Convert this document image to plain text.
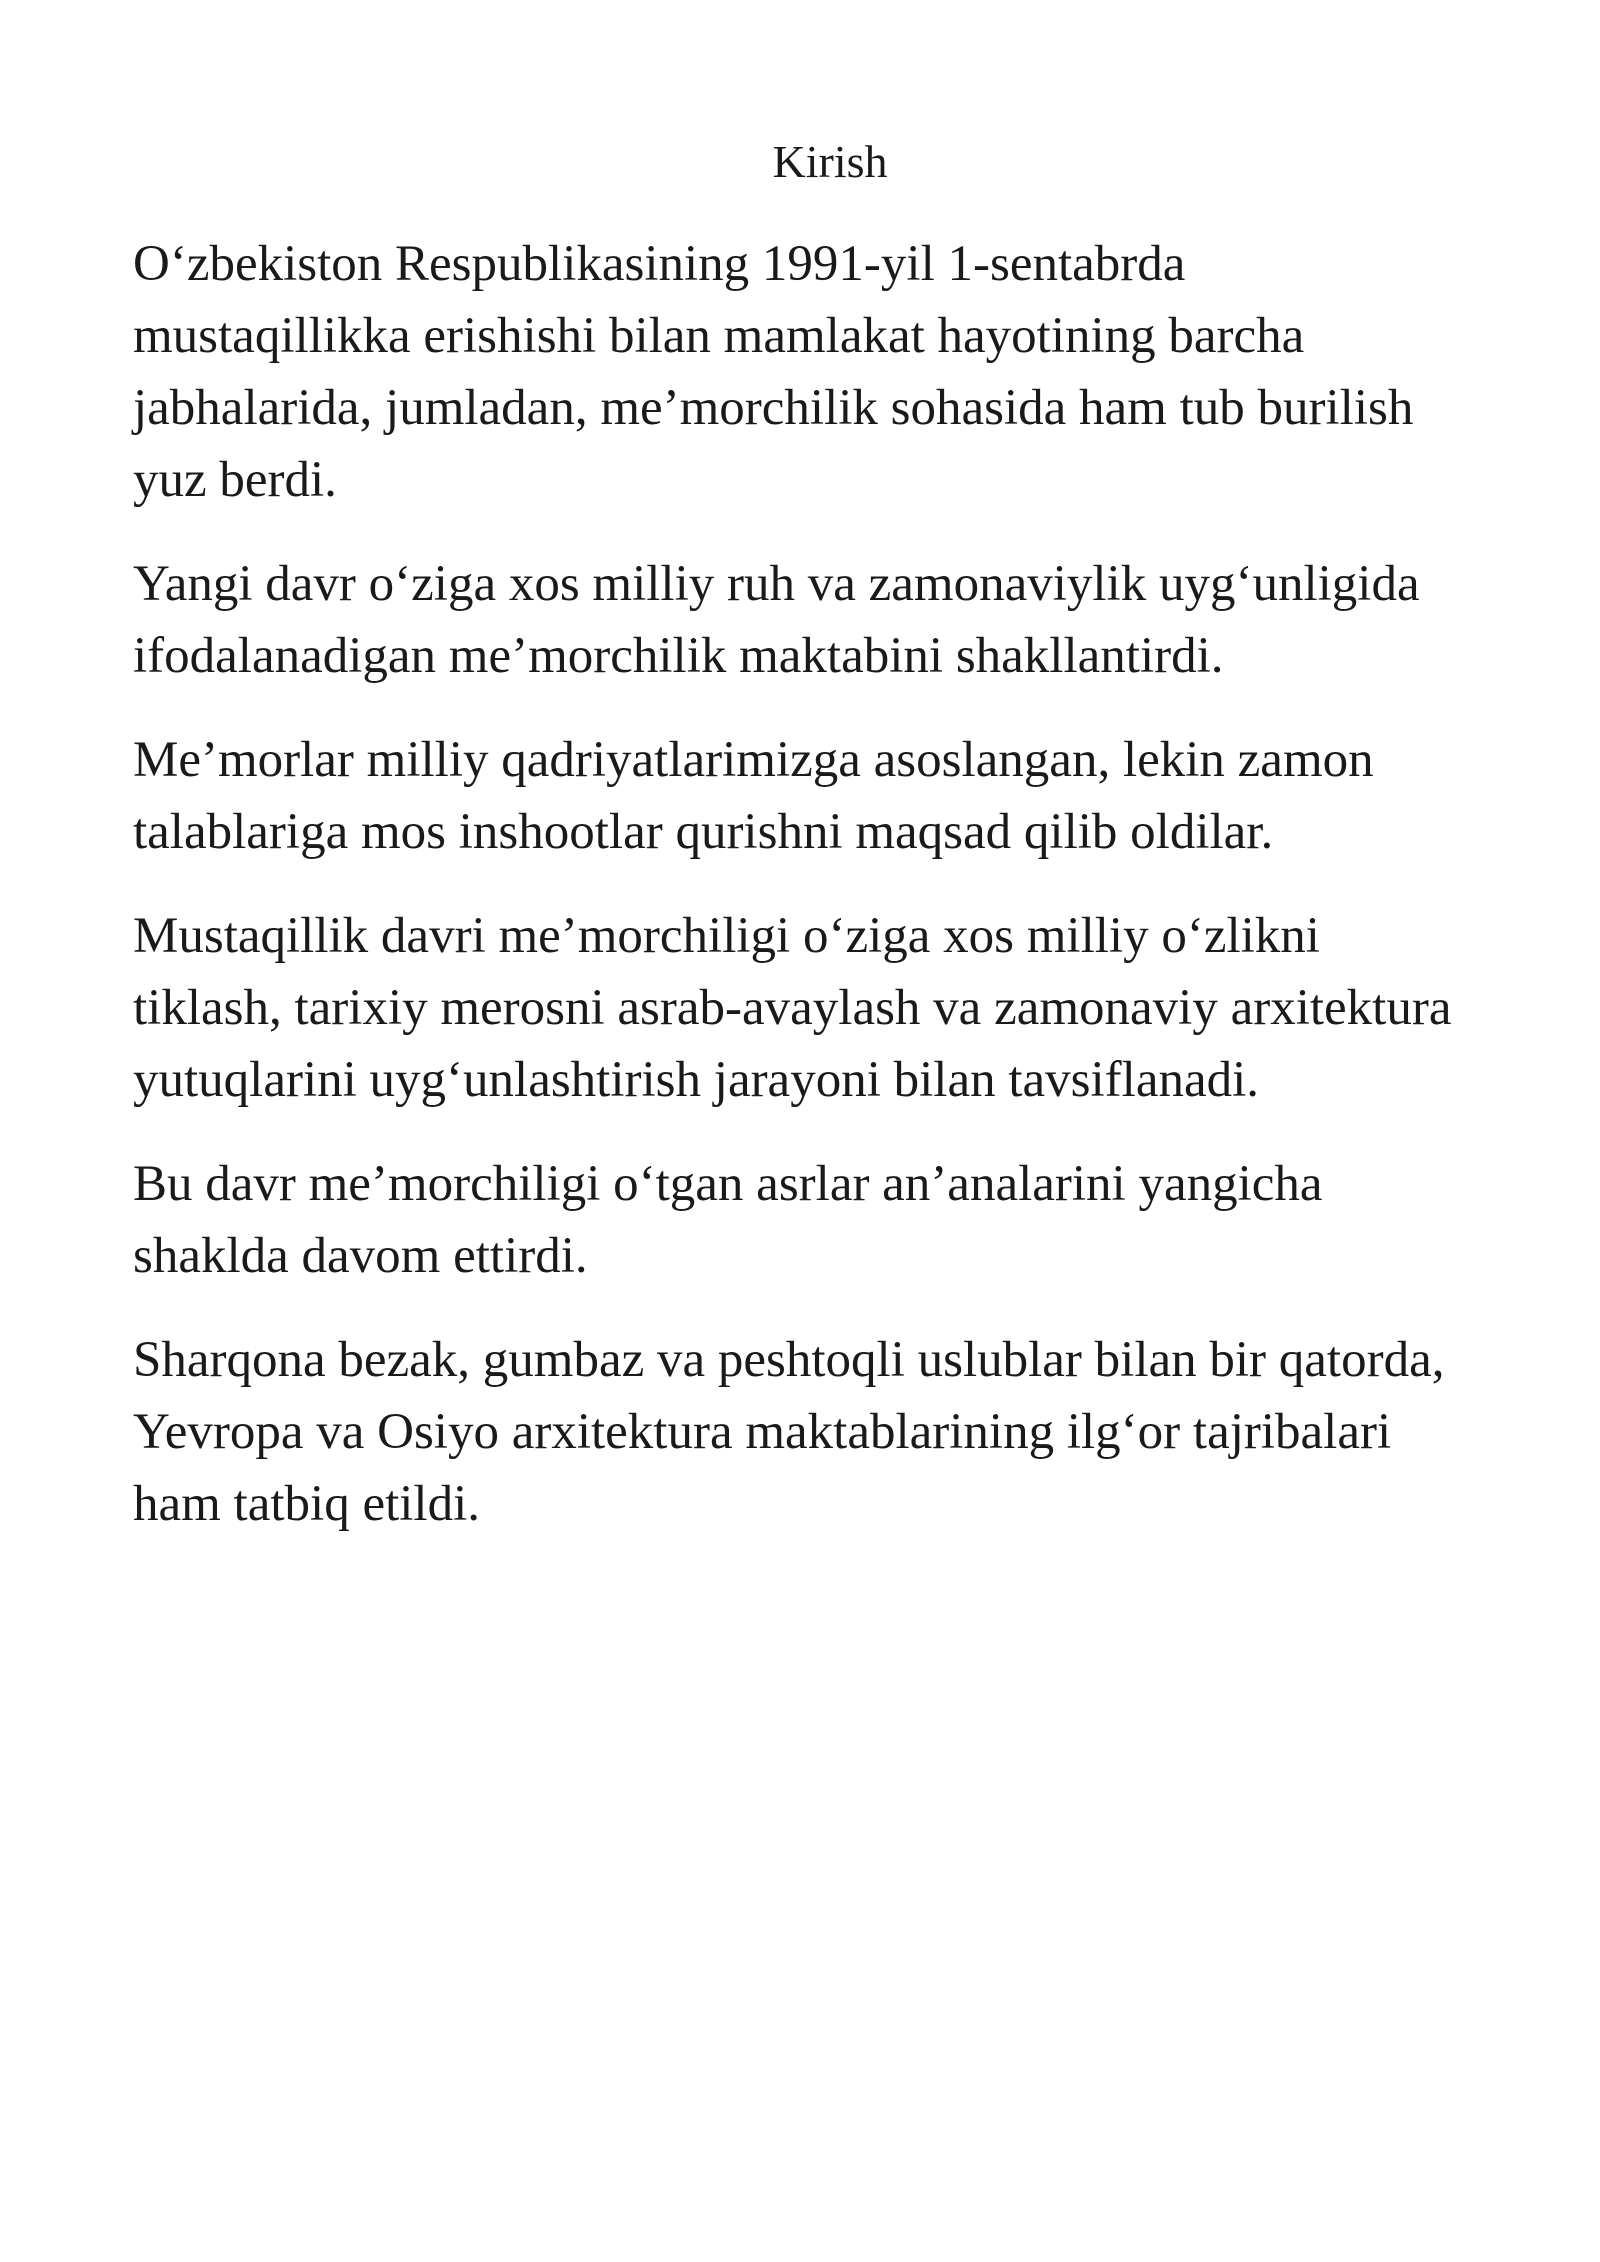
Kirish

O‘zbekiston Respublikasining 1991-yil 1-sentabrda
mustaqillikka erishishi bilan mamlakat hayotining barcha
jabhalarida, jumladan, me’morchilik sohasida ham tub burilish
yuz berdi.

Yangi davr o‘ziga xos milliy ruh va zamonaviylik uyg‘unligida
ifodalanadigan me’morchilik maktabini shakllantirdi.

Me’morlar milliy qadriyatlarimizga asoslangan, lekin zamon
talablariga mos inshootlar qurishni maqsad qilib oldilar.

Mustaqillik davri me’morchiligi o‘ziga xos milliy o‘zlikni
tiklash, tarixiy merosni asrab-avaylash va zamonaviy arxitektura
yutuqlarini uyg‘unlashtirish jarayoni bilan tavsiflanadi.

Bu davr me’morchiligi o‘tgan asrlar an’analarini yangicha
shaklda davom ettirdi.

Sharqona bezak, gumbaz va peshtoqli uslublar bilan bir qatorda,
Yevropa va Osiyo arxitektura maktablarining ilg‘or tajribalari
ham tatbiq etildi.
